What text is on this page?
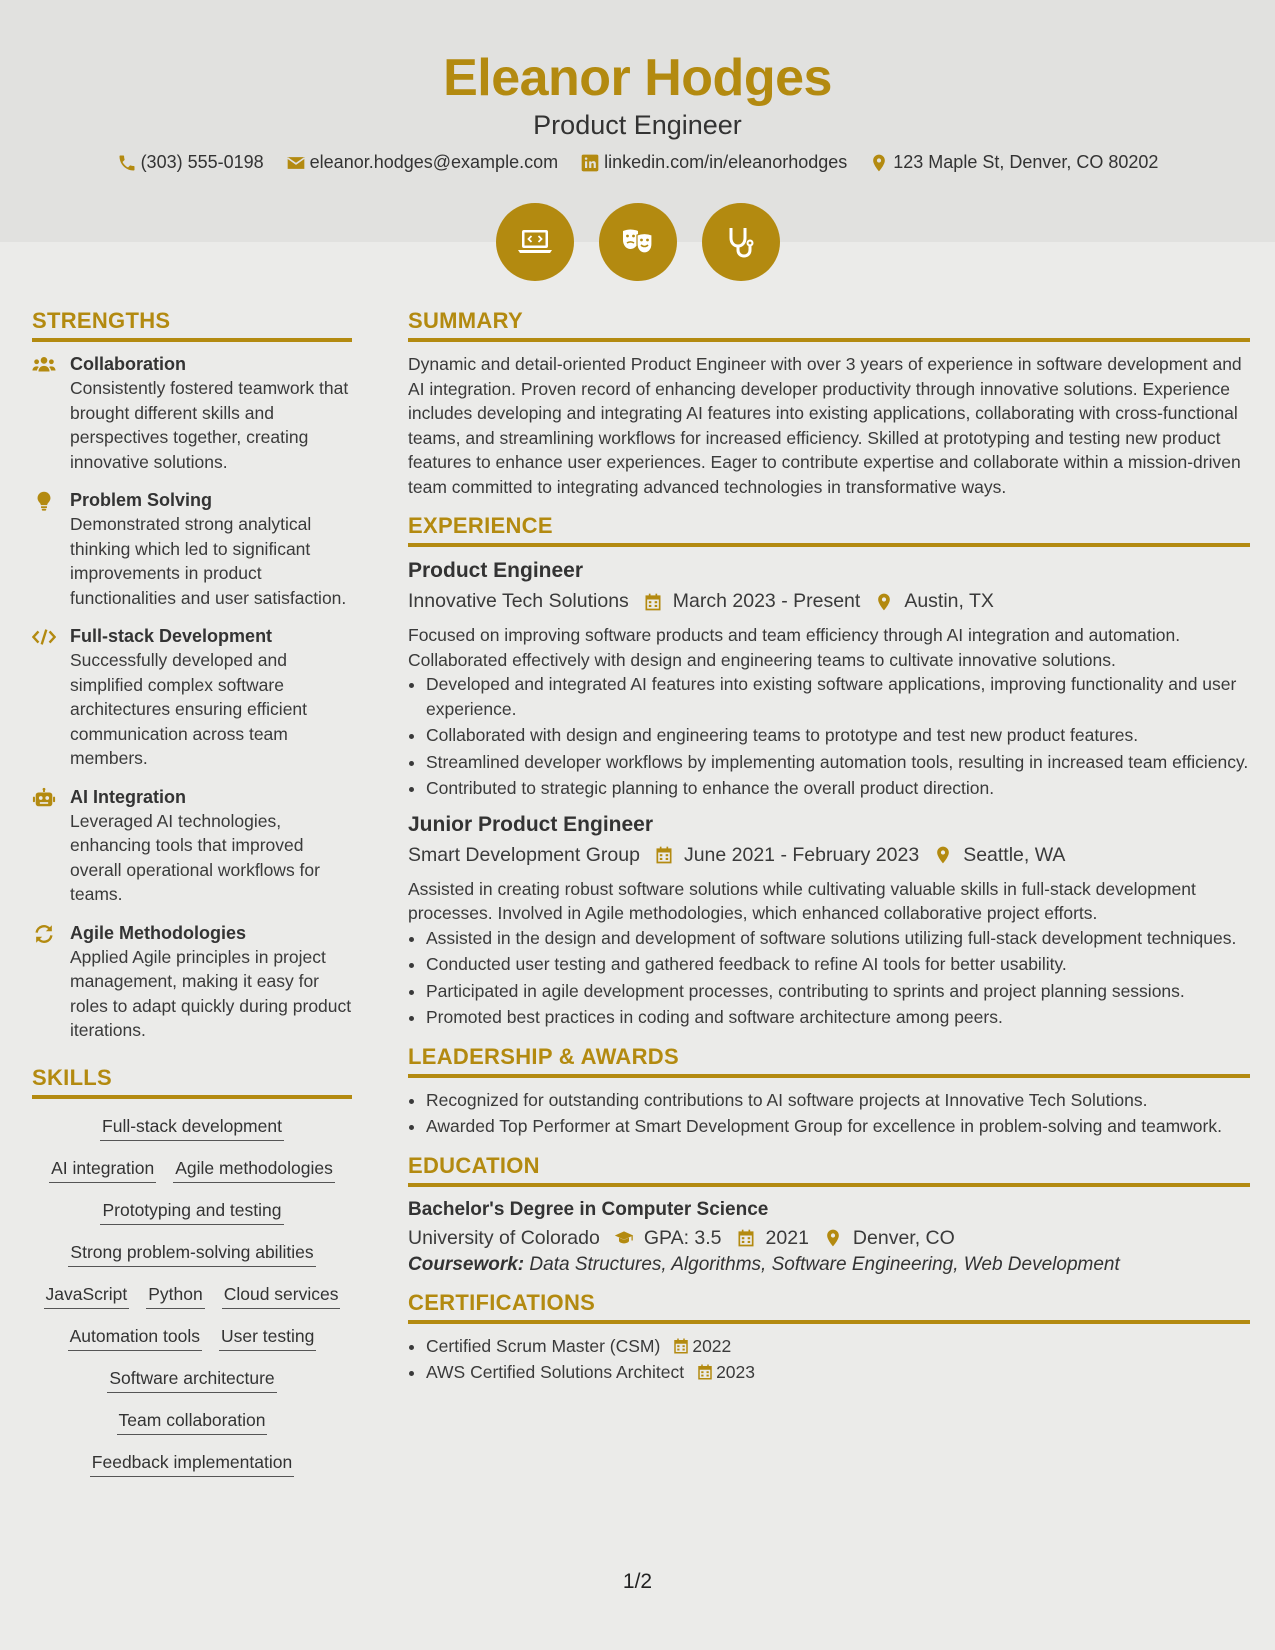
Eleanor Hodges
Product Engineer
(303) 555-0198	eleanor.hodges@example.com	linkedin.com/in/eleanorhodges	123 Maple St, Denver, CO 80202
STRENGTHS
Collaboration
Consistently fostered teamwork that brought different skills and perspectives together, creating innovative solutions.
Problem Solving
Demonstrated strong analytical thinking which led to significant improvements in product functionalities and user satisfaction.
Full-stack Development
Successfully developed and simplified complex software architectures ensuring efficient communication across team members.
AI Integration
Leveraged AI technologies, enhancing tools that improved overall operational workflows for teams.
Agile Methodologies
Applied Agile principles in project management, making it easy for roles to adapt quickly during product iterations.
SKILLS
Full-stack development
AI integration Agile methodologies
Prototyping and testing
Strong problem-solving abilities
JavaScript Python Cloud services
Automation tools User testing
Software architecture
Team collaboration
Feedback implementation
SUMMARY
Dynamic and detail-oriented Product Engineer with over 3 years of experience in software development and AI integration. Proven record of enhancing developer productivity through innovative solutions. Experience includes developing and integrating AI features into existing applications, collaborating with cross-functional teams, and streamlining workflows for increased efficiency. Skilled at prototyping and testing new product features to enhance user experiences. Eager to contribute expertise and collaborate within a mission-driven team committed to integrating advanced technologies in transformative ways.
EXPERIENCE
Product Engineer
Innovative Tech Solutions March 2023 - Present Austin, TX
Focused on improving software products and team efficiency through AI integration and automation. Collaborated effectively with design and engineering teams to cultivate innovative solutions.
• Developed and integrated AI features into existing software applications, improving functionality and user experience.
• Collaborated with design and engineering teams to prototype and test new product features.
• Streamlined developer workflows by implementing automation tools, resulting in increased team efficiency.
• Contributed to strategic planning to enhance the overall product direction.
Junior Product Engineer
Smart Development Group June 2021 - February 2023 Seattle, WA
Assisted in creating robust software solutions while cultivating valuable skills in full-stack development processes. Involved in Agile methodologies, which enhanced collaborative project efforts.
• Assisted in the design and development of software solutions utilizing full-stack development techniques.
• Conducted user testing and gathered feedback to refine AI tools for better usability.
• Participated in agile development processes, contributing to sprints and project planning sessions.
• Promoted best practices in coding and software architecture among peers.
LEADERSHIP & AWARDS
• Recognized for outstanding contributions to AI software projects at Innovative Tech Solutions.
• Awarded Top Performer at Smart Development Group for excellence in problem-solving and teamwork.
EDUCATION
Bachelor's Degree in Computer Science
University of Colorado GPA: 3.5 2021 Denver, CO
Coursework: Data Structures, Algorithms, Software Engineering, Web Development
CERTIFICATIONS
• Certified Scrum Master (CSM) 2022
• AWS Certified Solutions Architect 2023
1/2
